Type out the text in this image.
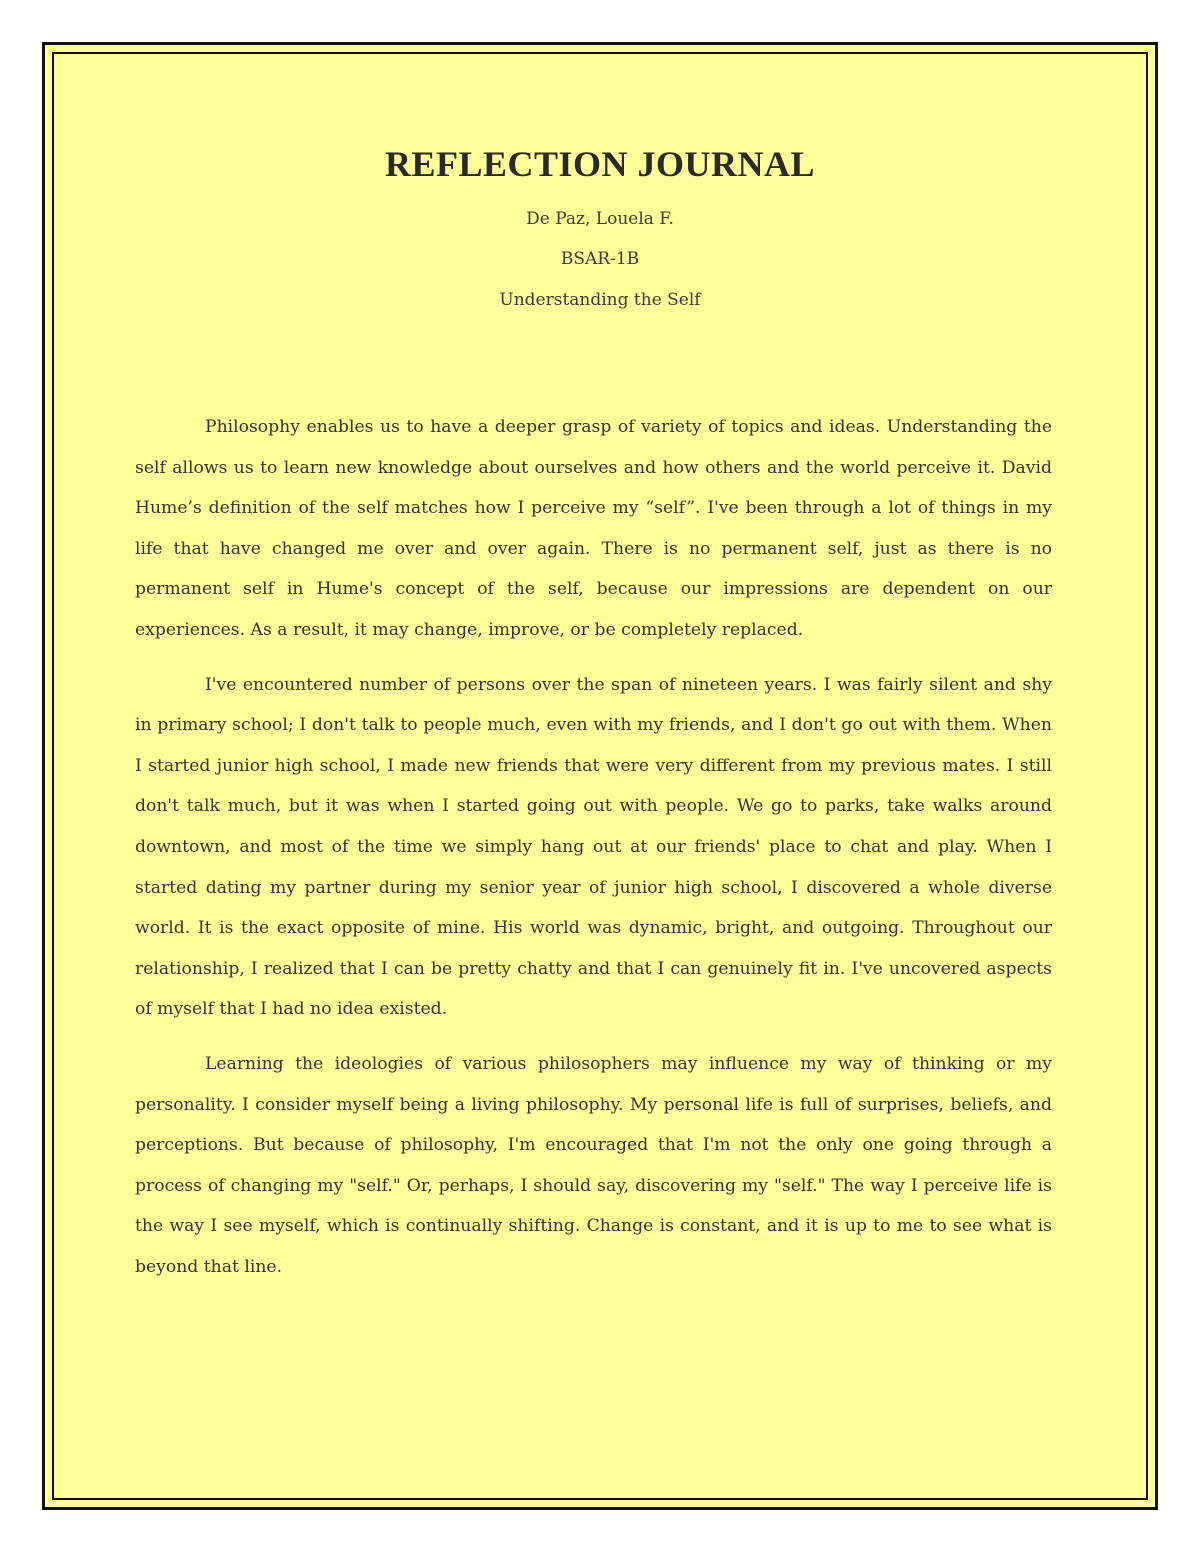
REFLECTION JOURNAL
De Paz, Louela F.
BSAR-1B
Understanding the Self

Philosophy enables us to have a deeper grasp of variety of topics and ideas. Understanding the self allows us to learn new knowledge about ourselves and how others and the world perceive it. David Hume’s definition of the self matches how I perceive my “self”. I've been through a lot of things in my life that have changed me over and over again. There is no permanent self, just as there is no permanent self in Hume's concept of the self, because our impressions are dependent on our experiences. As a result, it may change, improve, or be completely replaced.

I've encountered number of persons over the span of nineteen years. I was fairly silent and shy in primary school; I don't talk to people much, even with my friends, and I don't go out with them. When I started junior high school, I made new friends that were very different from my previous mates. I still don't talk much, but it was when I started going out with people. We go to parks, take walks around downtown, and most of the time we simply hang out at our friends' place to chat and play. When I started dating my partner during my senior year of junior high school, I discovered a whole diverse world. It is the exact opposite of mine. His world was dynamic, bright, and outgoing. Throughout our relationship, I realized that I can be pretty chatty and that I can genuinely fit in. I've uncovered aspects of myself that I had no idea existed.

Learning the ideologies of various philosophers may influence my way of thinking or my personality. I consider myself being a living philosophy. My personal life is full of surprises, beliefs, and perceptions. But because of philosophy, I'm encouraged that I'm not the only one going through a process of changing my "self." Or, perhaps, I should say, discovering my "self." The way I perceive life is the way I see myself, which is continually shifting. Change is constant, and it is up to me to see what is beyond that line.
